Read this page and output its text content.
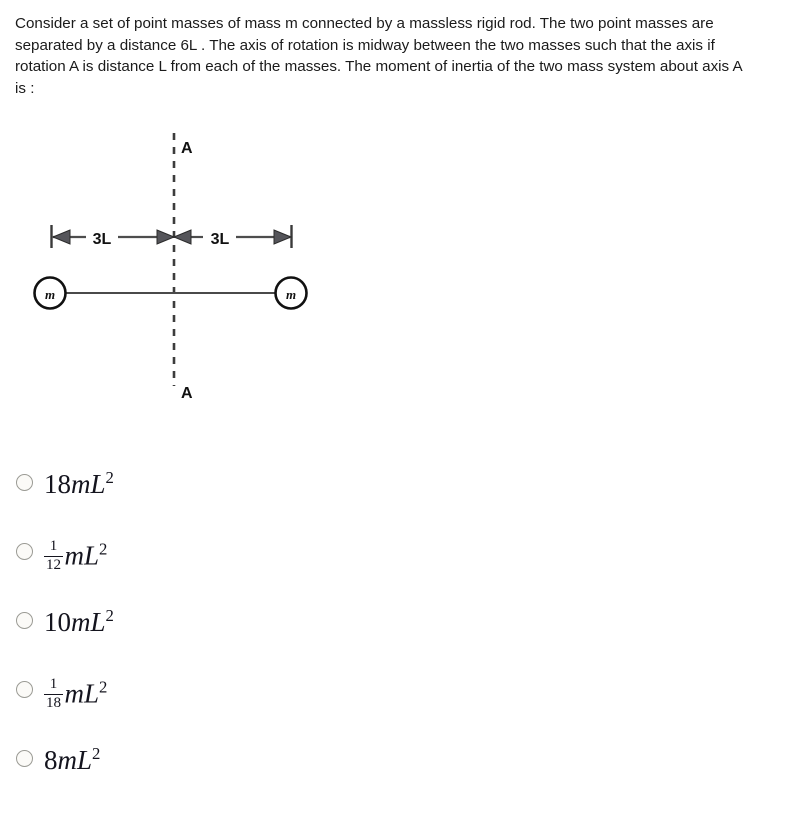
Consider a set of point masses of mass m connected by a massless rigid rod. The two point masses are separated by a distance 6L . The axis of rotation is midway between the two masses such that the axis if rotation A is distance L from each of the masses. The moment of inertia of the two mass system about axis A is :
A
A
3L	3L
m	m
$18mL^2$
$\frac{1}{12} mL^2$
$10mL^2$
$\frac{1}{18} mL^2$
$8mL^2$
